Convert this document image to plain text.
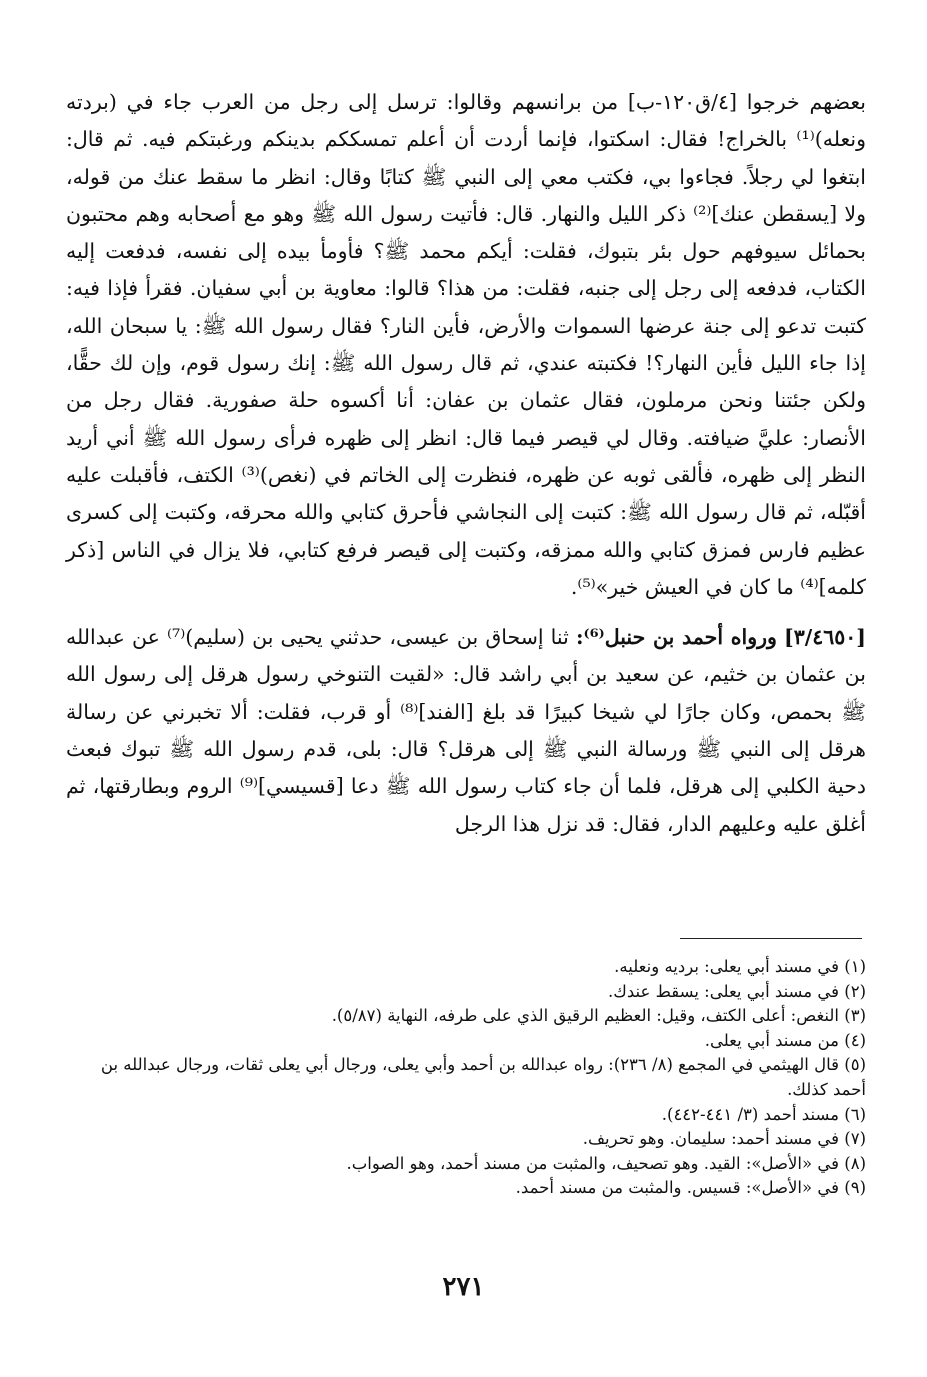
بعضهم خرجوا [٤/ق١٢٠-ب] من برانسهم وقالوا: ترسل إلى رجل من العرب جاء في (بردته ونعله)⁽¹⁾ بالخراج! فقال: اسكتوا، فإنما أردت أن أعلم تمسككم بدينكم ورغبتكم فيه. ثم قال: ابتغوا لي رجلاً. فجاءوا بي، فكتب معي إلى النبي ﷺ كتابًا وقال: انظر ما سقط عنك من قوله، ولا [يسقطن عنك]⁽²⁾ ذكر الليل والنهار. قال: فأتيت رسول الله ﷺ وهو مع أصحابه وهم محتبون بحمائل سيوفهم حول بئر بتبوك، فقلت: أيكم محمد ﷺ؟ فأومأ بيده إلى نفسه، فدفعت إليه الكتاب، فدفعه إلى رجل إلى جنبه، فقلت: من هذا؟ قالوا: معاوية بن أبي سفيان. فقرأ فإذا فيه: كتبت تدعو إلى جنة عرضها السموات والأرض، فأين النار؟ فقال رسول الله ﷺ: يا سبحان الله، إذا جاء الليل فأين النهار؟! فكتبته عندي، ثم قال رسول الله ﷺ: إنك رسول قوم، وإن لك حقًّا، ولكن جئتنا ونحن مرملون، فقال عثمان بن عفان: أنا أكسوه حلة صفورية. فقال رجل من الأنصار: عليَّ ضيافته. وقال لي قيصر فيما قال: انظر إلى ظهره فرأى رسول الله ﷺ أني أريد النظر إلى ظهره، فألقى ثوبه عن ظهره، فنظرت إلى الخاتم في (نغص)⁽³⁾ الكتف، فأقبلت عليه أقبّله، ثم قال رسول الله ﷺ: كتبت إلى النجاشي فأحرق كتابي والله محرقه، وكتبت إلى كسرى عظيم فارس فمزق كتابي والله ممزقه، وكتبت إلى قيصر فرفع كتابي، فلا يزال في الناس [ذكر كلمه]⁽⁴⁾ ما كان في العيش خير»⁽⁵⁾.

[٣/٤٦٥٠] ورواه أحمد بن حنبل⁽⁶⁾: ثنا إسحاق بن عيسى، حدثني يحيى بن (سليم)⁽⁷⁾ عن عبدالله بن عثمان بن خثيم، عن سعيد بن أبي راشد قال: «لقيت التنوخي رسول هرقل إلى رسول الله ﷺ بحمص، وكان جارًا لي شيخا كبيرًا قد بلغ [الفند]⁽⁸⁾ أو قرب، فقلت: ألا تخبرني عن رسالة هرقل إلى النبي ﷺ ورسالة النبي ﷺ إلى هرقل؟ قال: بلى، قدم رسول الله ﷺ تبوك فبعث دحية الكلبي إلى هرقل، فلما أن جاء كتاب رسول الله ﷺ دعا [قسيسي]⁽⁹⁾ الروم وبطارقتها، ثم أغلق عليه وعليهم الدار، فقال: قد نزل هذا الرجل

(١) في مسند أبي يعلى: برديه ونعليه.
(٢) في مسند أبي يعلى: يسقط عندك.
(٣) النغص: أعلى الكتف، وقيل: العظيم الرقيق الذي على طرفه، النهاية (٥/٨٧).
(٤) من مسند أبي يعلى.
(٥) قال الهيثمي في المجمع (٨/ ٢٣٦): رواه عبدالله بن أحمد وأبي يعلى، ورجال أبي يعلى ثقات، ورجال عبدالله بن أحمد كذلك.
(٦) مسند أحمد (٣/ ٤٤١-٤٤٢).
(٧) في مسند أحمد: سليمان. وهو تحريف.
(٨) في «الأصل»: القيد. وهو تصحيف، والمثبت من مسند أحمد، وهو الصواب.
(٩) في «الأصل»: قسيس. والمثبت من مسند أحمد.
٢٧١
